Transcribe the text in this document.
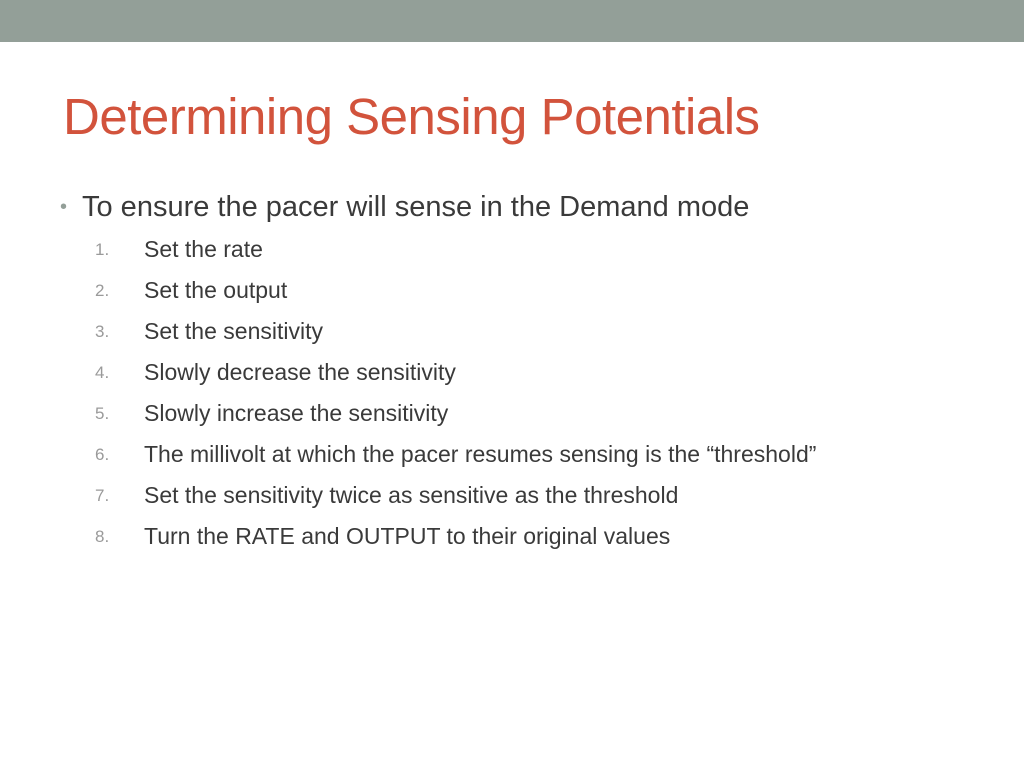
Determining Sensing Potentials
• To ensure the pacer will sense in the Demand mode
1. Set the rate
2. Set the output
3. Set the sensitivity
4. Slowly decrease the sensitivity
5. Slowly increase the sensitivity
6. The millivolt at which the pacer resumes sensing is the “threshold”
7. Set the sensitivity twice as sensitive as the threshold
8. Turn the RATE and OUTPUT to their original values
